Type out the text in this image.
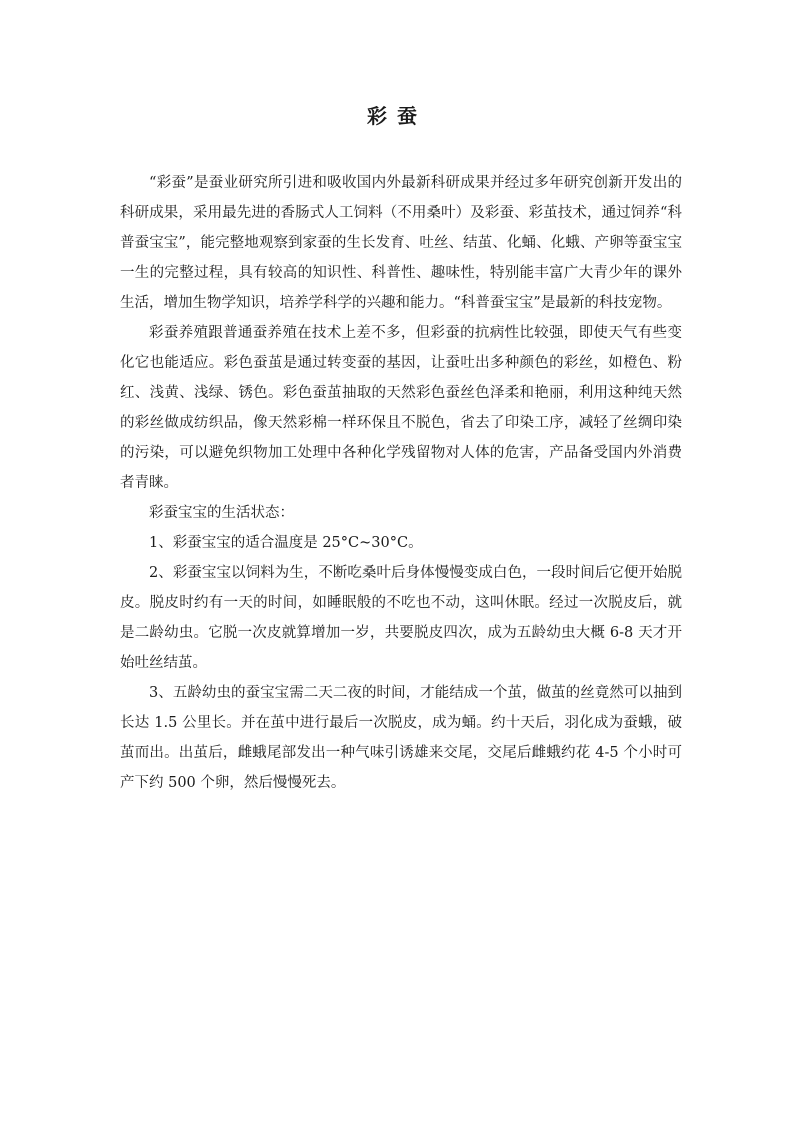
彩蚕

“彩蚕”是蚕业研究所引进和吸收国内外最新科研成果并经过多年研究创新开发出的科研成果，采用最先进的香肠式人工饲料（不用桑叶）及彩蚕、彩茧技术，通过饲养“科普蚕宝宝”，能完整地观察到家蚕的生长发育、吐丝、结茧、化蛹、化蛾、产卵等蚕宝宝一生的完整过程，具有较高的知识性、科普性、趣味性，特别能丰富广大青少年的课外生活，增加生物学知识，培养学科学的兴趣和能力。“科普蚕宝宝”是最新的科技宠物。

彩蚕养殖跟普通蚕养殖在技术上差不多，但彩蚕的抗病性比较强，即使天气有些变化它也能适应。彩色蚕茧是通过转变蚕的基因，让蚕吐出多种颜色的彩丝，如橙色、粉红、浅黄、浅绿、锈色。彩色蚕茧抽取的天然彩色蚕丝色泽柔和艳丽，利用这种纯天然的彩丝做成纺织品，像天然彩棉一样环保且不脱色，省去了印染工序，减轻了丝绸印染的污染，可以避免织物加工处理中各种化学残留物对人体的危害，产品备受国内外消费者青睐。

彩蚕宝宝的生活状态：

1、彩蚕宝宝的适合温度是 25°C~30°C。

2、彩蚕宝宝以饲料为生，不断吃桑叶后身体慢慢变成白色，一段时间后它便开始脱皮。脱皮时约有一天的时间，如睡眠般的不吃也不动，这叫休眠。经过一次脱皮后，就是二龄幼虫。它脱一次皮就算增加一岁，共要脱皮四次，成为五龄幼虫大概 6-8 天才开始吐丝结茧。

3、五龄幼虫的蚕宝宝需二天二夜的时间，才能结成一个茧，做茧的丝竟然可以抽到长达 1.5 公里长。并在茧中进行最后一次脱皮，成为蛹。约十天后，羽化成为蚕蛾，破茧而出。出茧后，雌蛾尾部发出一种气味引诱雄来交尾，交尾后雌蛾约花 4-5 个小时可产下约 500 个卵，然后慢慢死去。
